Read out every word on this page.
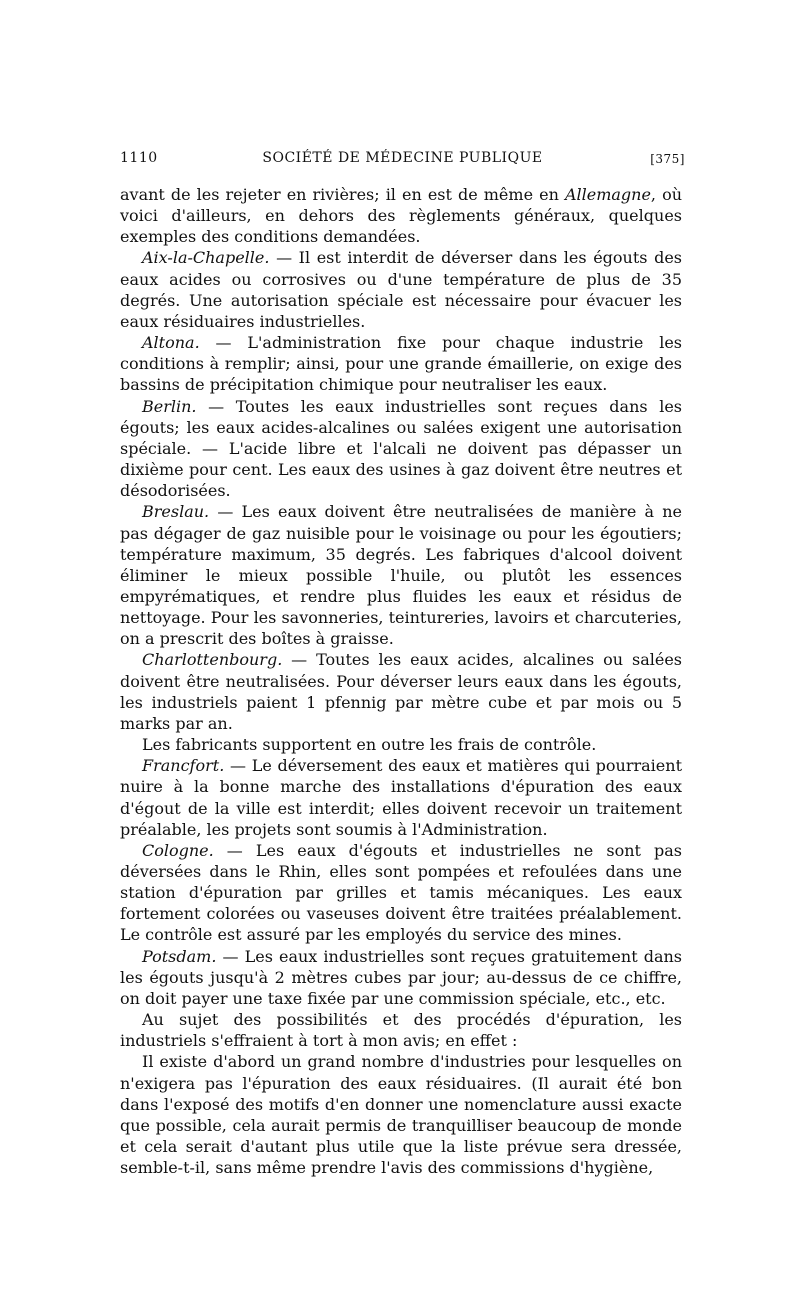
1110	SOCIÉTÉ DE MÉDECINE PUBLIQUE	[375]

avant de les rejeter en rivières; il en est de même en Allemagne, où voici d'ailleurs, en dehors des règlements généraux, quelques exemples des conditions demandées.

Aix-la-Chapelle. — Il est interdit de déverser dans les égouts des eaux acides ou corrosives ou d'une température de plus de 35 degrés. Une autorisation spéciale est nécessaire pour évacuer les eaux résiduaires industrielles.

Altona. — L'administration fixe pour chaque industrie les conditions à remplir; ainsi, pour une grande émaillerie, on exige des bassins de précipitation chimique pour neutraliser les eaux.

Berlin. — Toutes les eaux industrielles sont reçues dans les égouts; les eaux acides-alcalines ou salées exigent une autorisation spéciale. — L'acide libre et l'alcali ne doivent pas dépasser un dixième pour cent. Les eaux des usines à gaz doivent être neutres et désodorisées.

Breslau. — Les eaux doivent être neutralisées de manière à ne pas dégager de gaz nuisible pour le voisinage ou pour les égoutiers; température maximum, 35 degrés. Les fabriques d'alcool doivent éliminer le mieux possible l'huile, ou plutôt les essences empyrématiques, et rendre plus fluides les eaux et résidus de nettoyage. Pour les savonneries, teintureries, lavoirs et charcuteries, on a prescrit des boîtes à graisse.

Charlottenbourg. — Toutes les eaux acides, alcalines ou salées doivent être neutralisées. Pour déverser leurs eaux dans les égouts, les industriels paient 1 pfennig par mètre cube et par mois ou 5 marks par an.

Les fabricants supportent en outre les frais de contrôle.

Francfort. — Le déversement des eaux et matières qui pourraient nuire à la bonne marche des installations d'épuration des eaux d'égout de la ville est interdit; elles doivent recevoir un traitement préalable, les projets sont soumis à l'Administration.

Cologne. — Les eaux d'égouts et industrielles ne sont pas déversées dans le Rhin, elles sont pompées et refoulées dans une station d'épuration par grilles et tamis mécaniques. Les eaux fortement colorées ou vaseuses doivent être traitées préalablement. Le contrôle est assuré par les employés du service des mines.

Potsdam. — Les eaux industrielles sont reçues gratuitement dans les égouts jusqu'à 2 mètres cubes par jour; au-dessus de ce chiffre, on doit payer une taxe fixée par une commission spéciale, etc., etc.

Au sujet des possibilités et des procédés d'épuration, les industriels s'effraient à tort à mon avis; en effet :

Il existe d'abord un grand nombre d'industries pour lesquelles on n'exigera pas l'épuration des eaux résiduaires. (Il aurait été bon dans l'exposé des motifs d'en donner une nomenclature aussi exacte que possible, cela aurait permis de tranquilliser beaucoup de monde et cela serait d'autant plus utile que la liste prévue sera dressée, semble-t-il, sans même prendre l'avis des commissions d'hygiène,
